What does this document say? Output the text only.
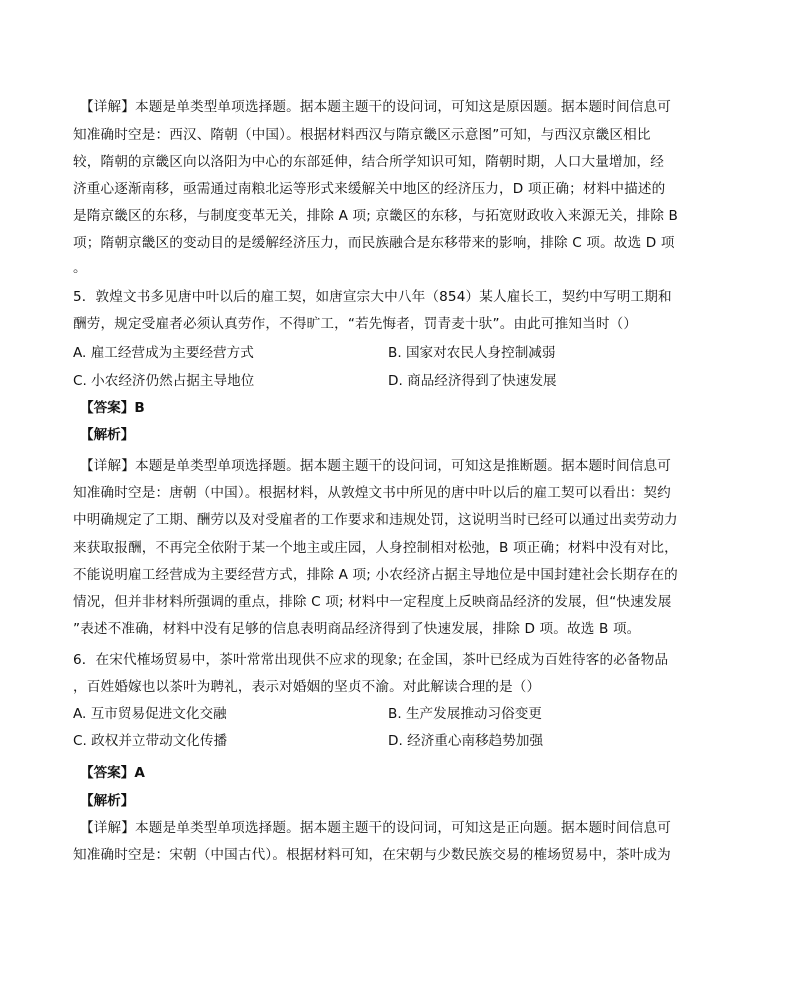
【详解】本题是单类型单项选择题。据本题主题干的设问词，可知这是原因题。据本题时间信息可
知准确时空是：西汉、隋朝（中国）。根据材料西汉与隋京畿区示意图”可知，与西汉京畿区相比
较，隋朝的京畿区向以洛阳为中心的东部延伸，结合所学知识可知，隋朝时期，人口大量增加，经
济重心逐渐南移，亟需通过南粮北运等形式来缓解关中地区的经济压力，D 项正确；材料中描述的
是隋京畿区的东移，与制度变革无关，排除 A 项; 京畿区的东移，与拓宽财政收入来源无关，排除 B
项；隋朝京畿区的变动目的是缓解经济压力，而民族融合是东移带来的影响，排除 C 项。故选 D 项
。
5．敦煌文书多见唐中叶以后的雇工契，如唐宣宗大中八年（854）某人雇长工，契约中写明工期和
酬劳，规定受雇者必须认真劳作，不得旷工，“若先悔者，罚青麦十驮”。由此可推知当时（）
A. 雇工经营成为主要经营方式	B. 国家对农民人身控制减弱
C. 小农经济仍然占据主导地位	D. 商品经济得到了快速发展
【答案】B
【解析】
【详解】本题是单类型单项选择题。据本题主题干的设问词，可知这是推断题。据本题时间信息可
知准确时空是：唐朝（中国）。根据材料，从敦煌文书中所见的唐中叶以后的雇工契可以看出：契约
中明确规定了工期、酬劳以及对受雇者的工作要求和违规处罚，这说明当时已经可以通过出卖劳动力
来获取报酬，不再完全依附于某一个地主或庄园，人身控制相对松弛，B 项正确；材料中没有对比，
不能说明雇工经营成为主要经营方式，排除 A 项; 小农经济占据主导地位是中国封建社会长期存在的
情况，但并非材料所强调的重点，排除 C 项; 材料中一定程度上反映商品经济的发展，但“快速发展
”表述不准确，材料中没有足够的信息表明商品经济得到了快速发展，排除 D 项。故选 B 项。
6．在宋代榷场贸易中，茶叶常常出现供不应求的现象; 在金国，茶叶已经成为百姓待客的必备物品
，百姓婚嫁也以茶叶为聘礼，表示对婚姻的坚贞不渝。对此解读合理的是（）
A. 互市贸易促进文化交融	B. 生产发展推动习俗变更
C. 政权并立带动文化传播	D. 经济重心南移趋势加强
【答案】A
【解析】
【详解】本题是单类型单项选择题。据本题主题干的设问词，可知这是正向题。据本题时间信息可
知准确时空是：宋朝（中国古代）。根据材料可知，在宋朝与少数民族交易的榷场贸易中，茶叶成为
